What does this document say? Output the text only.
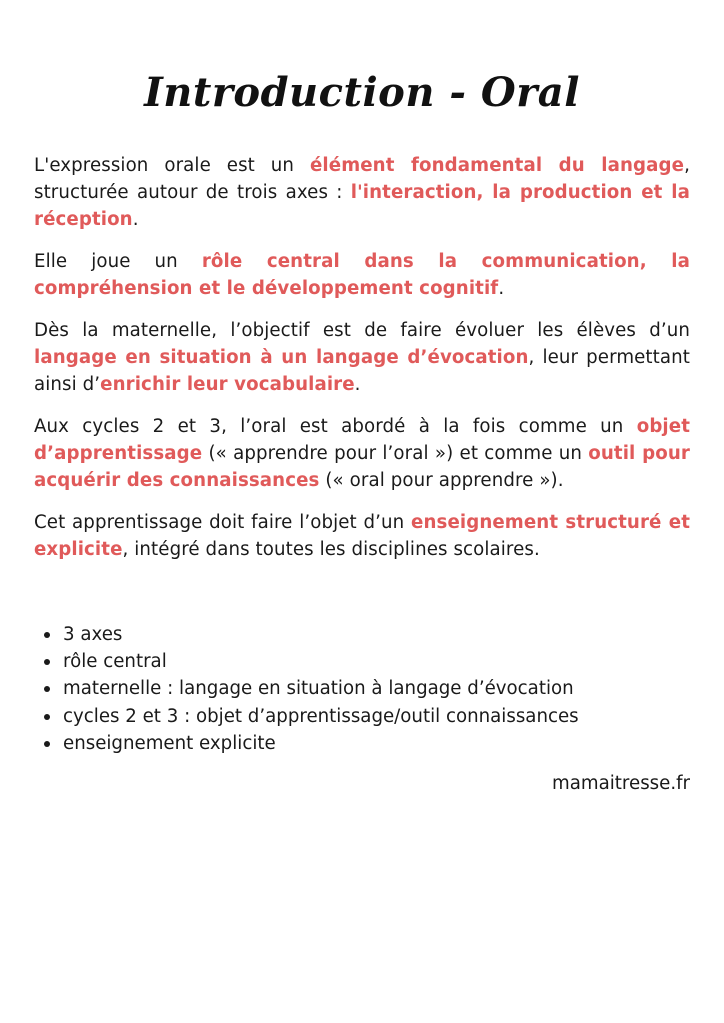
Introduction - Oral

L'expression orale est un élément fondamental du langage, structurée autour de trois axes : l'interaction, la production et la réception.

Elle joue un rôle central dans la communication, la compréhension et le développement cognitif.

Dès la maternelle, l’objectif est de faire évoluer les élèves d’un langage en situation à un langage d’évocation, leur permettant ainsi d’enrichir leur vocabulaire.

Aux cycles 2 et 3, l’oral est abordé à la fois comme un objet d’apprentissage (« apprendre pour l’oral ») et comme un outil pour acquérir des connaissances (« oral pour apprendre »).

Cet apprentissage doit faire l’objet d’un enseignement structuré et explicite, intégré dans toutes les disciplines scolaires.

3 axes
rôle central
maternelle : langage en situation à langage d’évocation
cycles 2 et 3 : objet d’apprentissage/outil connaissances
enseignement explicite
mamaitresse.fr
